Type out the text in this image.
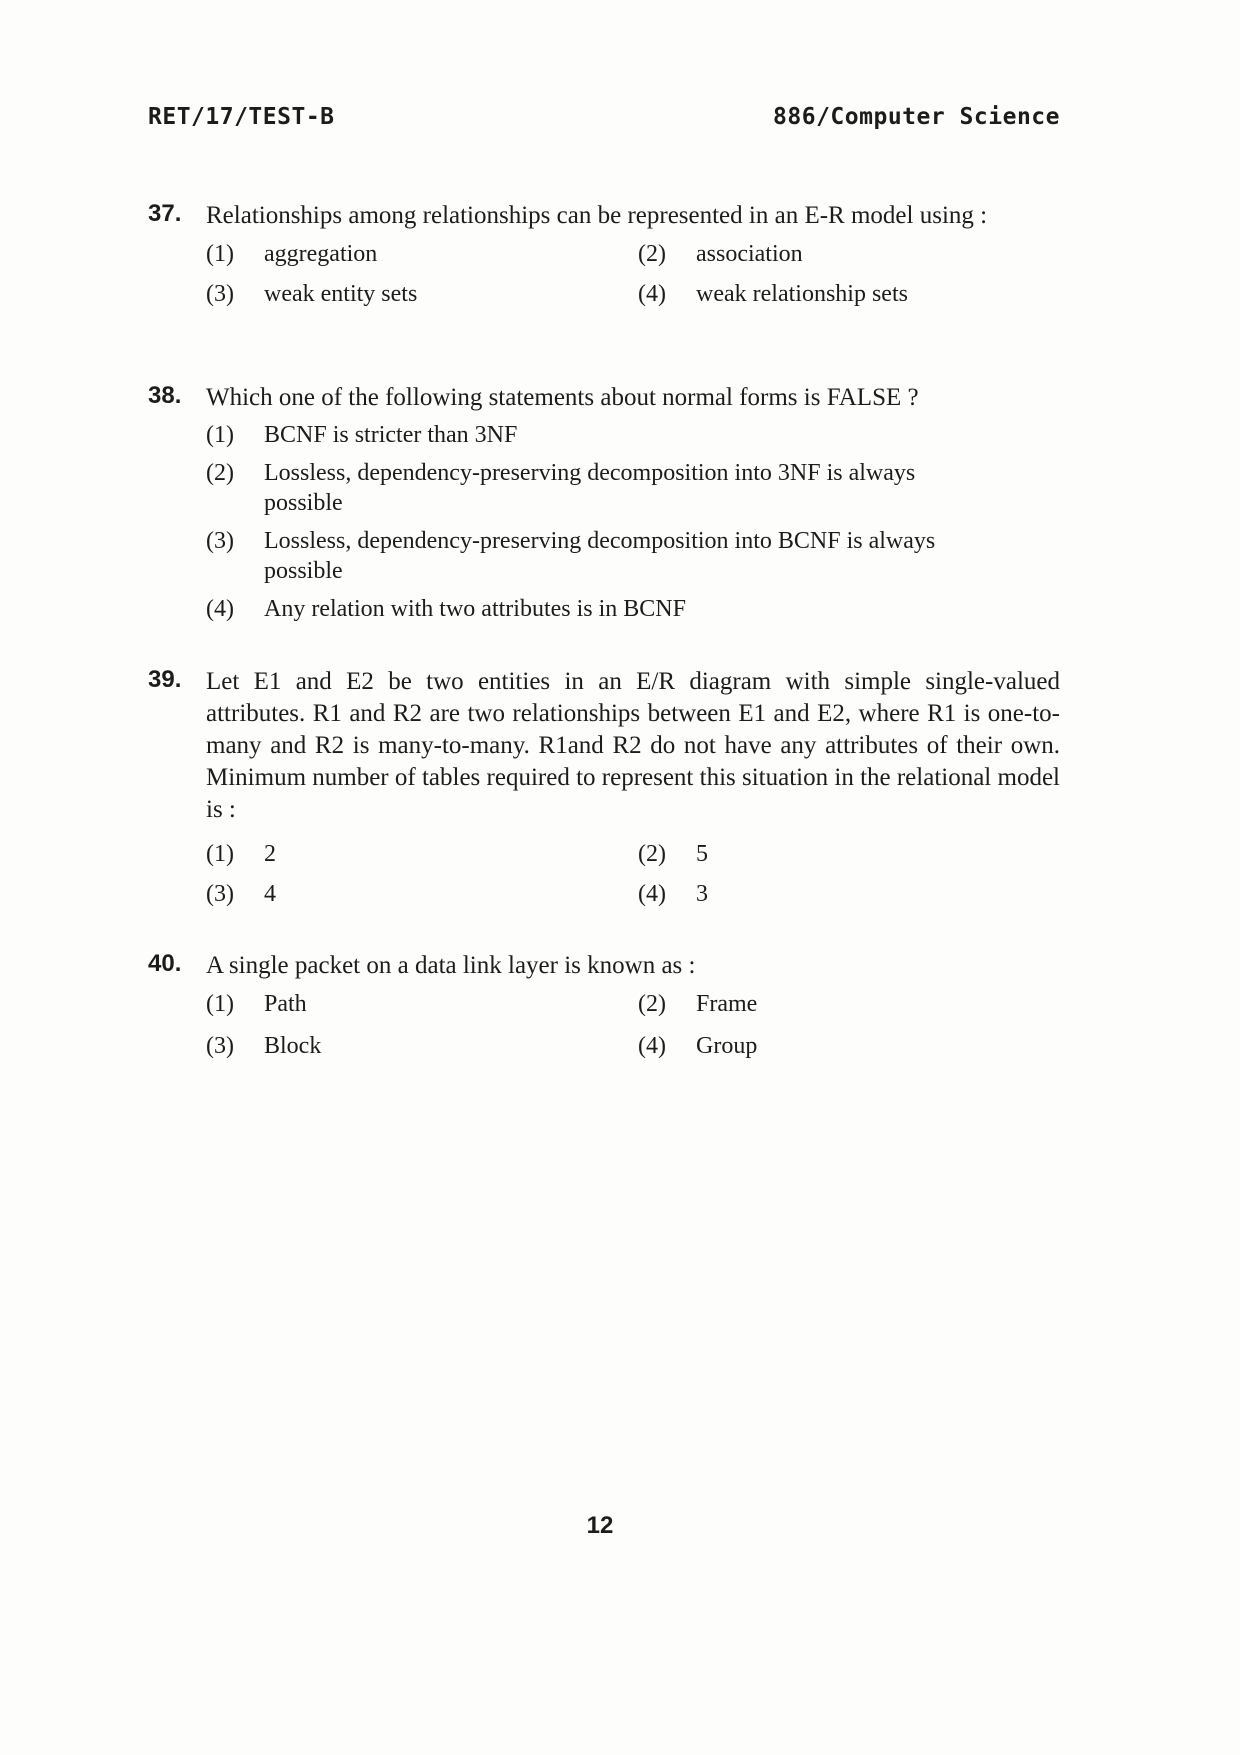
RET/17/TEST-B	886/Computer Science
37. Relationships among relationships can be represented in an E-R model using :
(1) aggregation	(2) association
(3) weak entity sets	(4) weak relationship sets
38. Which one of the following statements about normal forms is FALSE ?
(1) BCNF is stricter than 3NF
(2) Lossless, dependency-preserving decomposition into 3NF is always possible
(3) Lossless, dependency-preserving decomposition into BCNF is always possible
(4) Any relation with two attributes is in BCNF
39. Let E1 and E2 be two entities in an E/R diagram with simple single-valued attributes. R1 and R2 are two relationships between E1 and E2, where R1 is one-to-many and R2 is many-to-many. R1and R2 do not have any attributes of their own. Minimum number of tables required to represent this situation in the relational model is :
(1) 2	(2) 5
(3) 4	(4) 3
40. A single packet on a data link layer is known as :
(1) Path	(2) Frame
(3) Block	(4) Group
12
